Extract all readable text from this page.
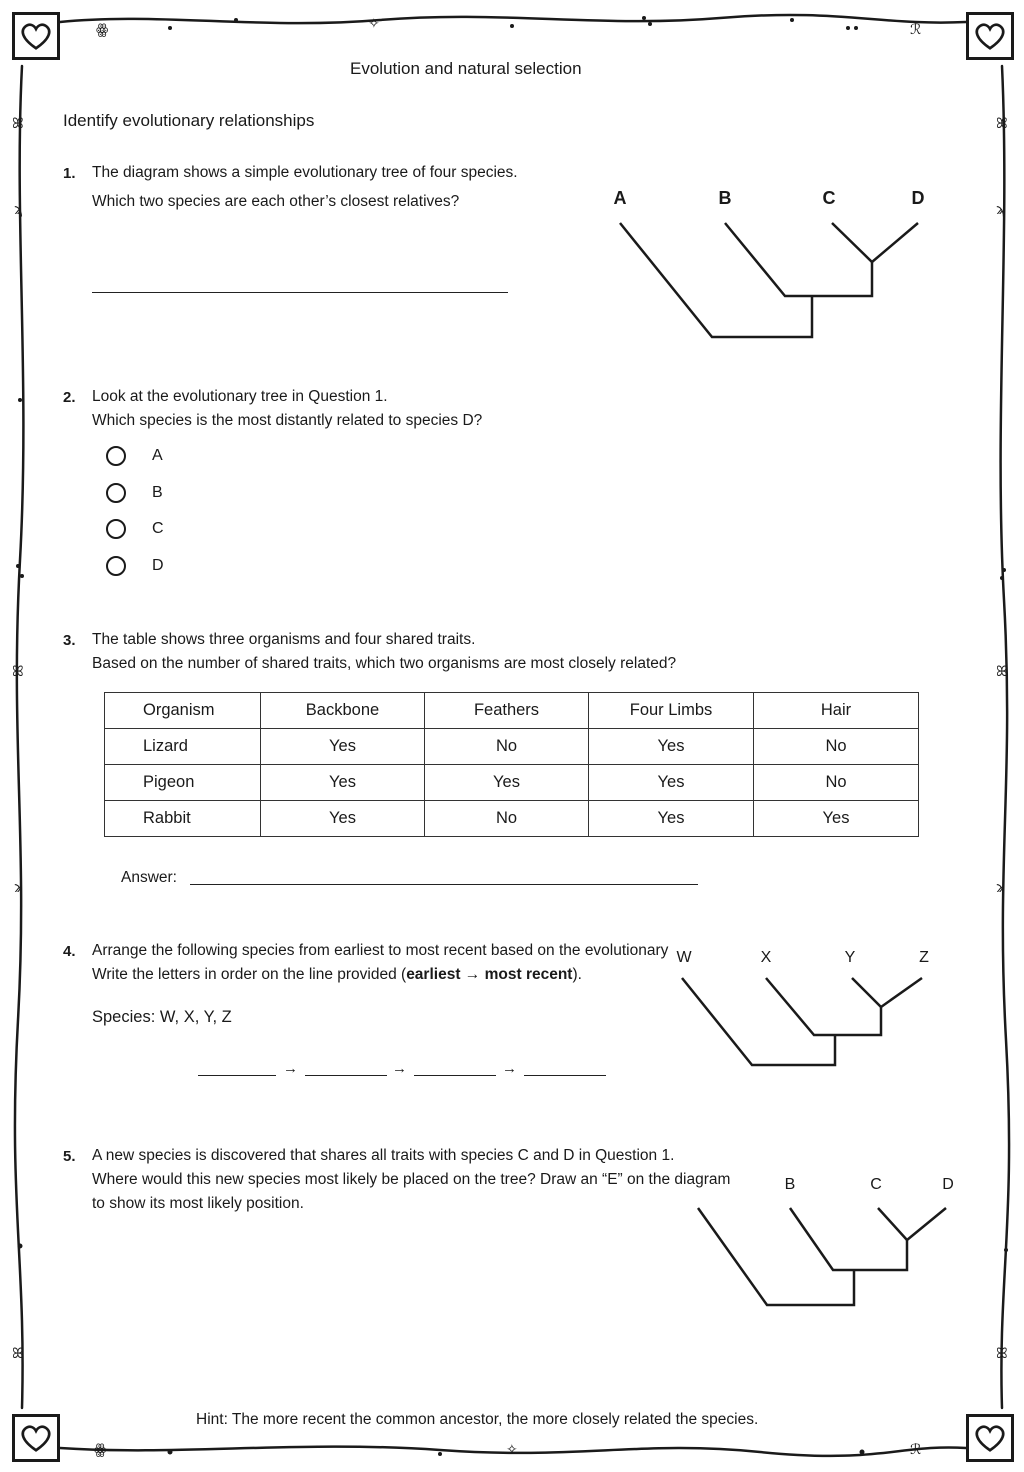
ꙮ	✧	ℛ
ꕤ	ꕤ
ϡ	ϡ
ꕤ	ꕤ
ϡ	ϡ
ꕤ	ꕤ
ꙮ	✧	ℛ
Evolution and natural selection
Identify evolutionary relationships
1. The diagram shows a simple evolutionary tree of four species.
Which two species are each other’s closest relatives?	A	B	C	D
2. Look at the evolutionary tree in Question 1.
Which species is the most distantly related to species D?
A
B
C
D
3. The table shows three organisms and four shared traits.
Based on the number of shared traits, which two organisms are most closely related?
Organism	Backbone	Feathers	Four Limbs	Hair
Lizard	Yes	No	Yes	No
Pigeon	Yes	Yes	Yes	No
Rabbit	Yes	No	Yes	Yes
Answer:
4. Arrange the following species from earliest to most recent based on the evolutionary
Write the letters in order on the line provided (earliest → most recent).
Species: W, X, Y, Z
→	→	→
W	X	Y	Z
5. A new species is discovered that shares all traits with species C and D in Question 1.
Where would this new species most likely be placed on the tree? Draw an “E” on the diagram
to show its most likely position.
B	C	D
Hint: The more recent the common ancestor, the more closely related the species.
